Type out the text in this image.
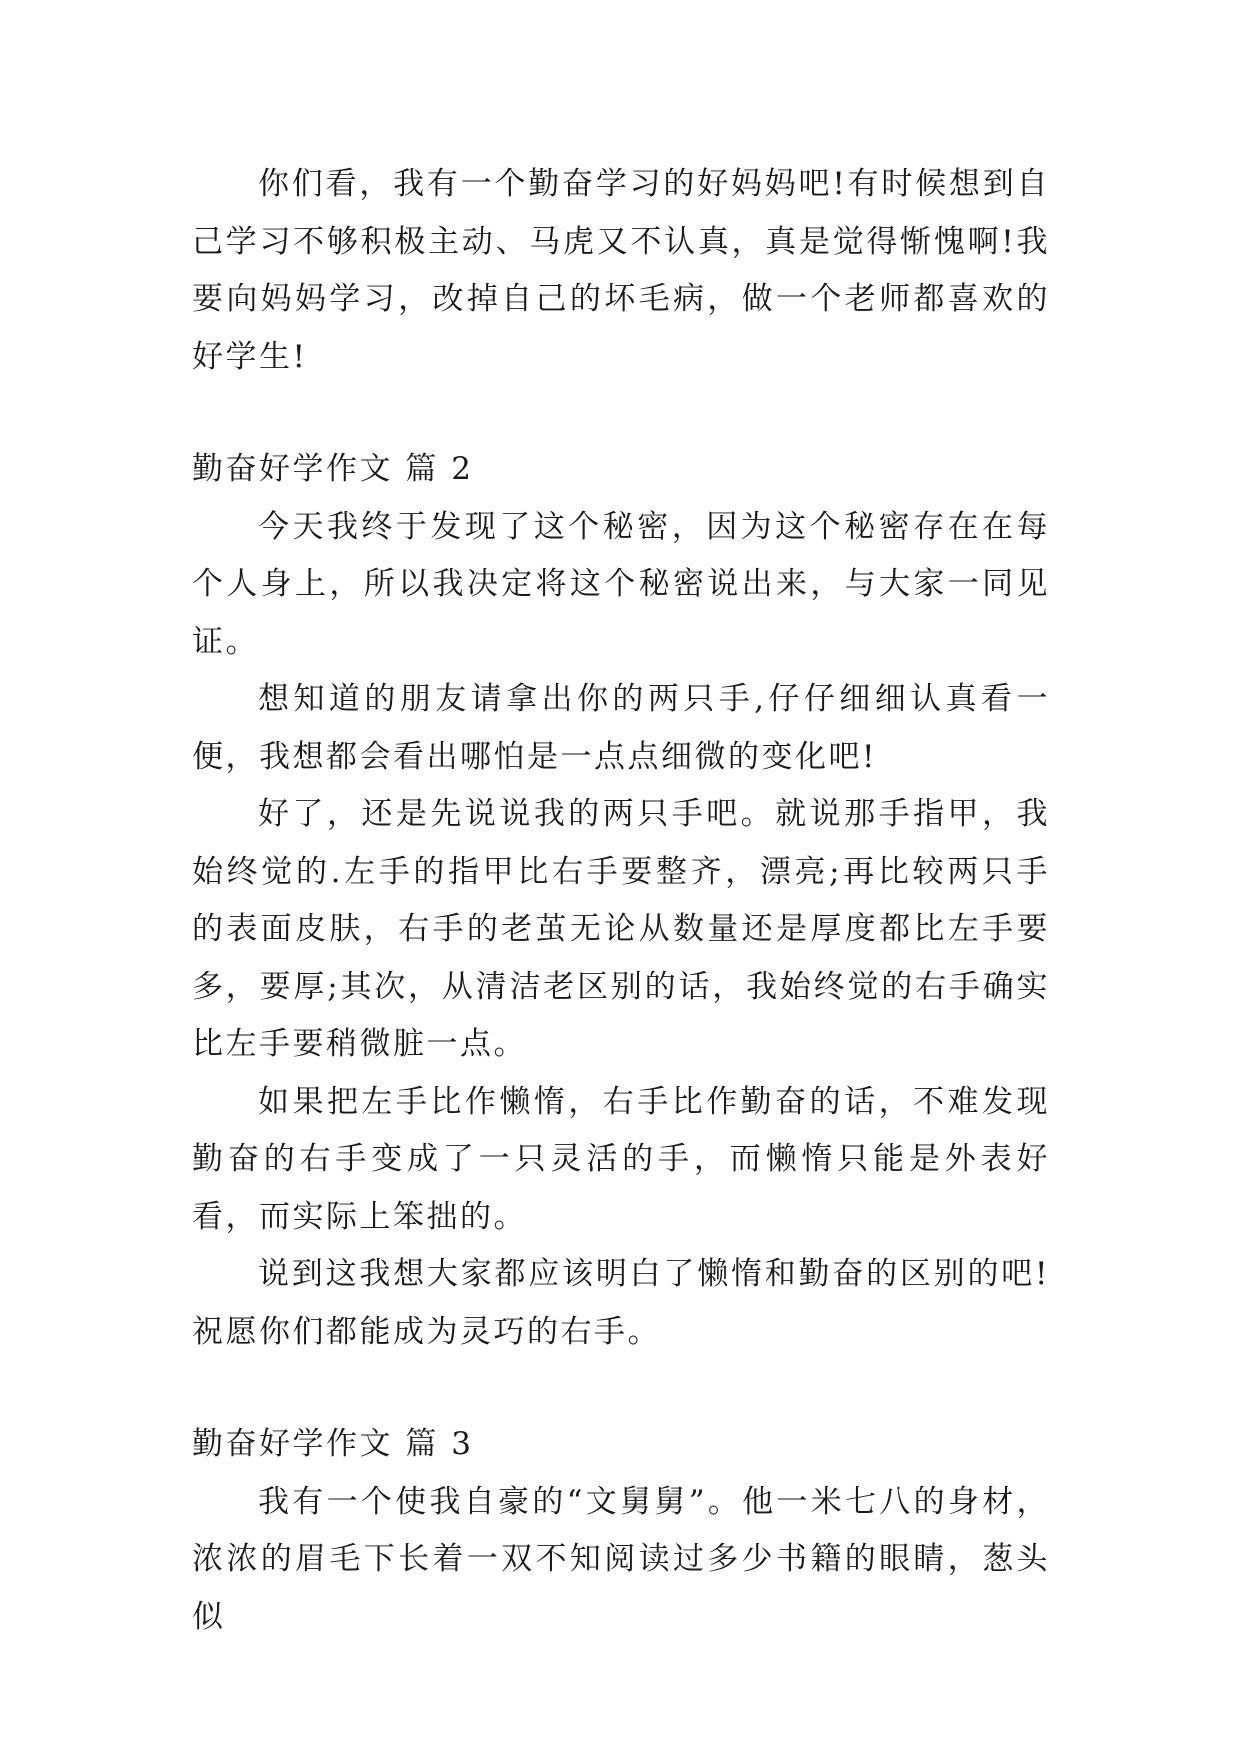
你们看，我有一个勤奋学习的好妈妈吧!有时候想到自己学习不够积极主动、马虎又不认真，真是觉得惭愧啊!我要向妈妈学习，改掉自己的坏毛病，做一个老师都喜欢的好学生!

勤奋好学作文 篇 2

今天我终于发现了这个秘密，因为这个秘密存在在每个人身上，所以我决定将这个秘密说出来，与大家一同见证。

想知道的朋友请拿出你的两只手,仔仔细细认真看一便，我想都会看出哪怕是一点点细微的变化吧!

好了，还是先说说我的两只手吧。就说那手指甲，我始终觉的.左手的指甲比右手要整齐，漂亮;再比较两只手的表面皮肤，右手的老茧无论从数量还是厚度都比左手要多，要厚;其次，从清洁老区别的话，我始终觉的右手确实比左手要稍微脏一点。

如果把左手比作懒惰，右手比作勤奋的话，不难发现勤奋的右手变成了一只灵活的手，而懒惰只能是外表好看，而实际上笨拙的。

说到这我想大家都应该明白了懒惰和勤奋的区别的吧!祝愿你们都能成为灵巧的右手。

勤奋好学作文 篇 3

我有一个使我自豪的“文舅舅”。他一米七八的身材，浓浓的眉毛下长着一双不知阅读过多少书籍的眼睛，葱头似
